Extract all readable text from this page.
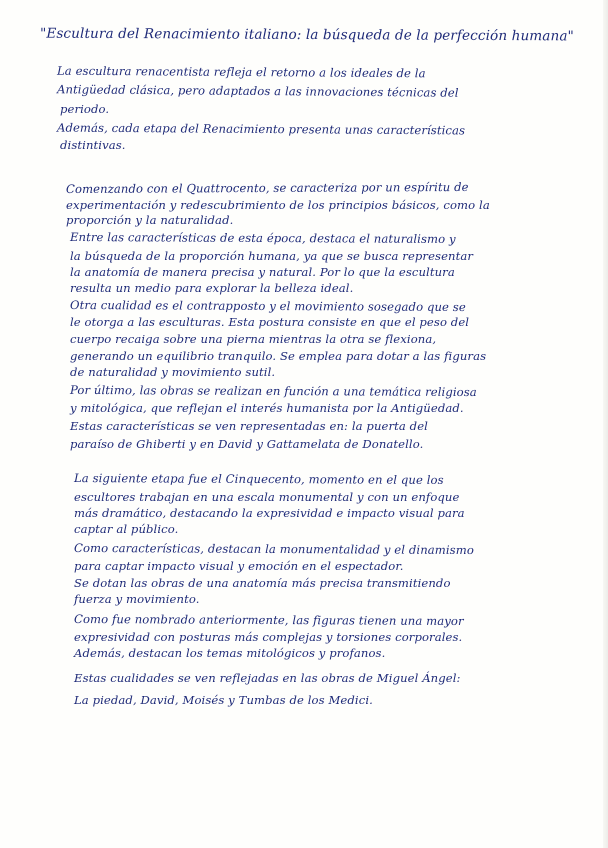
"Escultura del Renacimiento italiano: la búsqueda de la perfección humana"
La escultura renacentista refleja el retorno a los ideales de la
Antigüedad clásica, pero adaptados a las innovaciones técnicas del
periodo.
Además, cada etapa del Renacimiento presenta unas características
distintivas.
Comenzando con el Quattrocento, se caracteriza por un espíritu de
experimentación y redescubrimiento de los principios básicos, como la
proporción y la naturalidad.
Entre las características de esta época, destaca el naturalismo y
la búsqueda de la proporción humana, ya que se busca representar
la anatomía de manera precisa y natural. Por lo que la escultura
resulta un medio para explorar la belleza ideal.
Otra cualidad es el contrapposto y el movimiento sosegado que se
le otorga a las esculturas. Esta postura consiste en que el peso del
cuerpo recaiga sobre una pierna mientras la otra se flexiona,
generando un equilibrio tranquilo. Se emplea para dotar a las figuras
de naturalidad y movimiento sutil.
Por último, las obras se realizan en función a una temática religiosa
y mitológica, que reflejan el interés humanista por la Antigüedad.
Estas características se ven representadas en: la puerta del
paraíso de Ghiberti y en David y Gattamelata de Donatello.
La siguiente etapa fue el Cinquecento, momento en el que los
escultores trabajan en una escala monumental y con un enfoque
más dramático, destacando la expresividad e impacto visual para
captar al público.
Como características, destacan la monumentalidad y el dinamismo
para captar impacto visual y emoción en el espectador.
Se dotan las obras de una anatomía más precisa transmitiendo
fuerza y movimiento.
Como fue nombrado anteriormente, las figuras tienen una mayor
expresividad con posturas más complejas y torsiones corporales.
Además, destacan los temas mitológicos y profanos.
Estas cualidades se ven reflejadas en las obras de Miguel Ángel:
La piedad, David, Moisés y Tumbas de los Medici.
